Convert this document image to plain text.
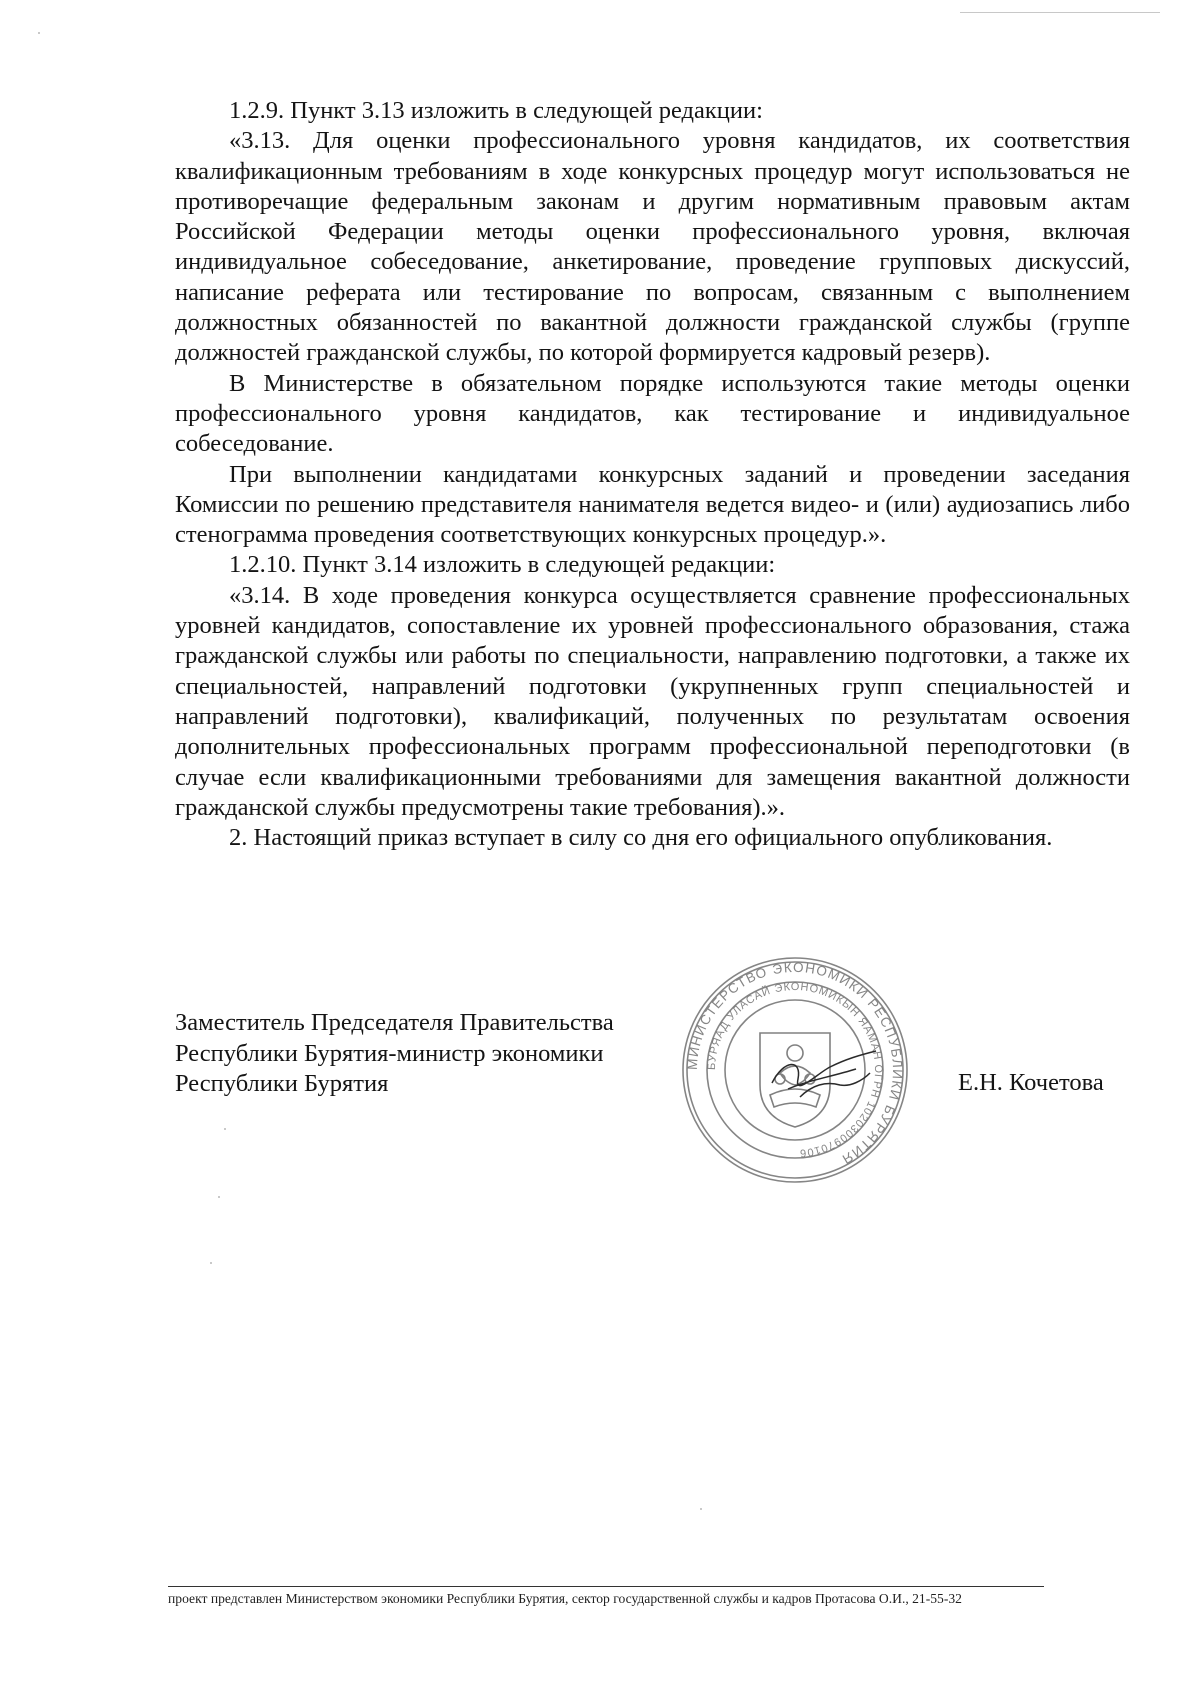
1.2.9. Пункт 3.13 изложить в следующей редакции:

«3.13. Для оценки профессионального уровня кандидатов, их соответствия квалификационным требованиям в ходе конкурсных процедур могут использоваться не противоречащие федеральным законам и другим нормативным правовым актам Российской Федерации методы оценки профессионального уровня, включая индивидуальное собеседование, анкетирование, проведение групповых дискуссий, написание реферата или тестирование по вопросам, связанным с выполнением должностных обязанностей по вакантной должности гражданской службы (группе должностей гражданской службы, по которой формируется кадровый резерв).

В Министерстве в обязательном порядке используются такие методы оценки профессионального уровня кандидатов, как тестирование и индивидуальное собеседование.

При выполнении кандидатами конкурсных заданий и проведении заседания Комиссии по решению представителя нанимателя ведется видео- и (или) аудиозапись либо стенограмма проведения соответствующих конкурсных процедур.».

1.2.10. Пункт 3.14 изложить в следующей редакции:

«3.14. В ходе проведения конкурса осуществляется сравнение профессиональных уровней кандидатов, сопоставление их уровней профессионального образования, стажа гражданской службы или работы по специальности, направлению подготовки, а также их специальностей, направлений подготовки (укрупненных групп специальностей и направлений подготовки), квалификаций, полученных по результатам освоения дополнительных профессиональных программ профессиональной переподготовки (в случае если квалификационными требованиями для замещения вакантной должности гражданской службы предусмотрены такие требования).».

2. Настоящий приказ вступает в силу со дня его официального опубликования.

Заместитель Председателя Правительства
Республики Бурятия-министр экономики
Республики Бурятия
МИНИСТЕРСТВО ЭКОНОМИКИ РЕСПУБЛИКИ БУРЯТИЯ
БУРЯАД УЛАСАЙ ЭКОНОМИКЫН ЯАМАН ОГРН 1020300970106
Е.Н. Кочетова
проект представлен Министерством экономики Республики Бурятия, сектор государственной службы и кадров Протасова О.И., 21-55-32
